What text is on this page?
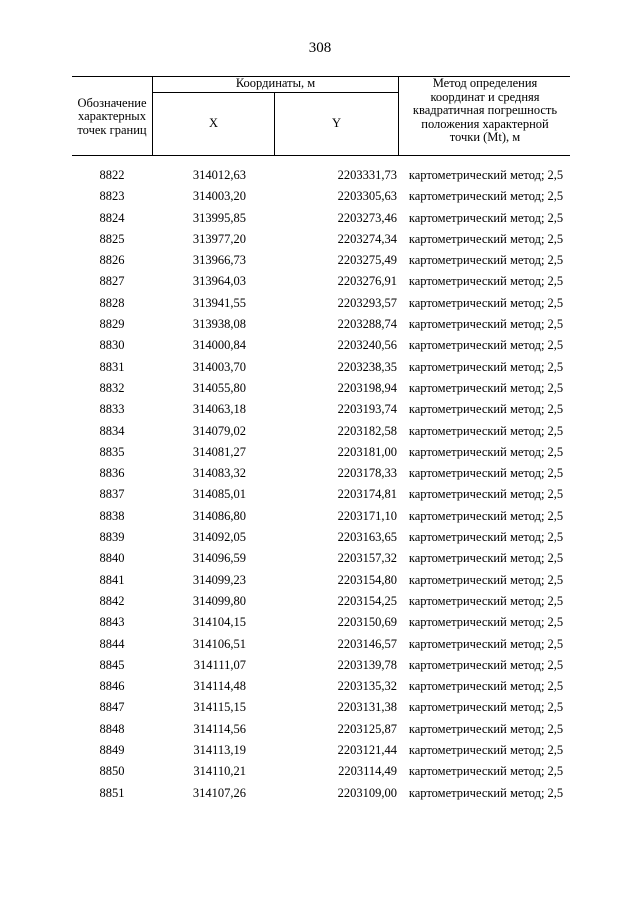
308
Обозначение характерных точек границ
Координаты, м
X	Y
Метод определения координат и средняя квадратичная погрешность положения характерной точки (Mt), м
8822	314012,63	2203331,73 картометрический метод; 2,5
8823	314003,20	2203305,63 картометрический метод; 2,5
8824	313995,85	2203273,46 картометрический метод; 2,5
8825	313977,20	2203274,34 картометрический метод; 2,5
8826	313966,73	2203275,49 картометрический метод; 2,5
8827	313964,03	2203276,91 картометрический метод; 2,5
8828	313941,55	2203293,57 картометрический метод; 2,5
8829	313938,08	2203288,74 картометрический метод; 2,5
8830	314000,84	2203240,56 картометрический метод; 2,5
8831	314003,70	2203238,35 картометрический метод; 2,5
8832	314055,80	2203198,94 картометрический метод; 2,5
8833	314063,18	2203193,74 картометрический метод; 2,5
8834	314079,02	2203182,58 картометрический метод; 2,5
8835	314081,27	2203181,00 картометрический метод; 2,5
8836	314083,32	2203178,33 картометрический метод; 2,5
8837	314085,01	2203174,81 картометрический метод; 2,5
8838	314086,80	2203171,10 картометрический метод; 2,5
8839	314092,05	2203163,65 картометрический метод; 2,5
8840	314096,59	2203157,32 картометрический метод; 2,5
8841	314099,23	2203154,80 картометрический метод; 2,5
8842	314099,80	2203154,25 картометрический метод; 2,5
8843	314104,15	2203150,69 картометрический метод; 2,5
8844	314106,51	2203146,57 картометрический метод; 2,5
8845	314111,07	2203139,78 картометрический метод; 2,5
8846	314114,48	2203135,32 картометрический метод; 2,5
8847	314115,15	2203131,38 картометрический метод; 2,5
8848	314114,56	2203125,87 картометрический метод; 2,5
8849	314113,19	2203121,44 картометрический метод; 2,5
8850	314110,21	2203114,49 картометрический метод; 2,5
8851	314107,26	2203109,00 картометрический метод; 2,5
